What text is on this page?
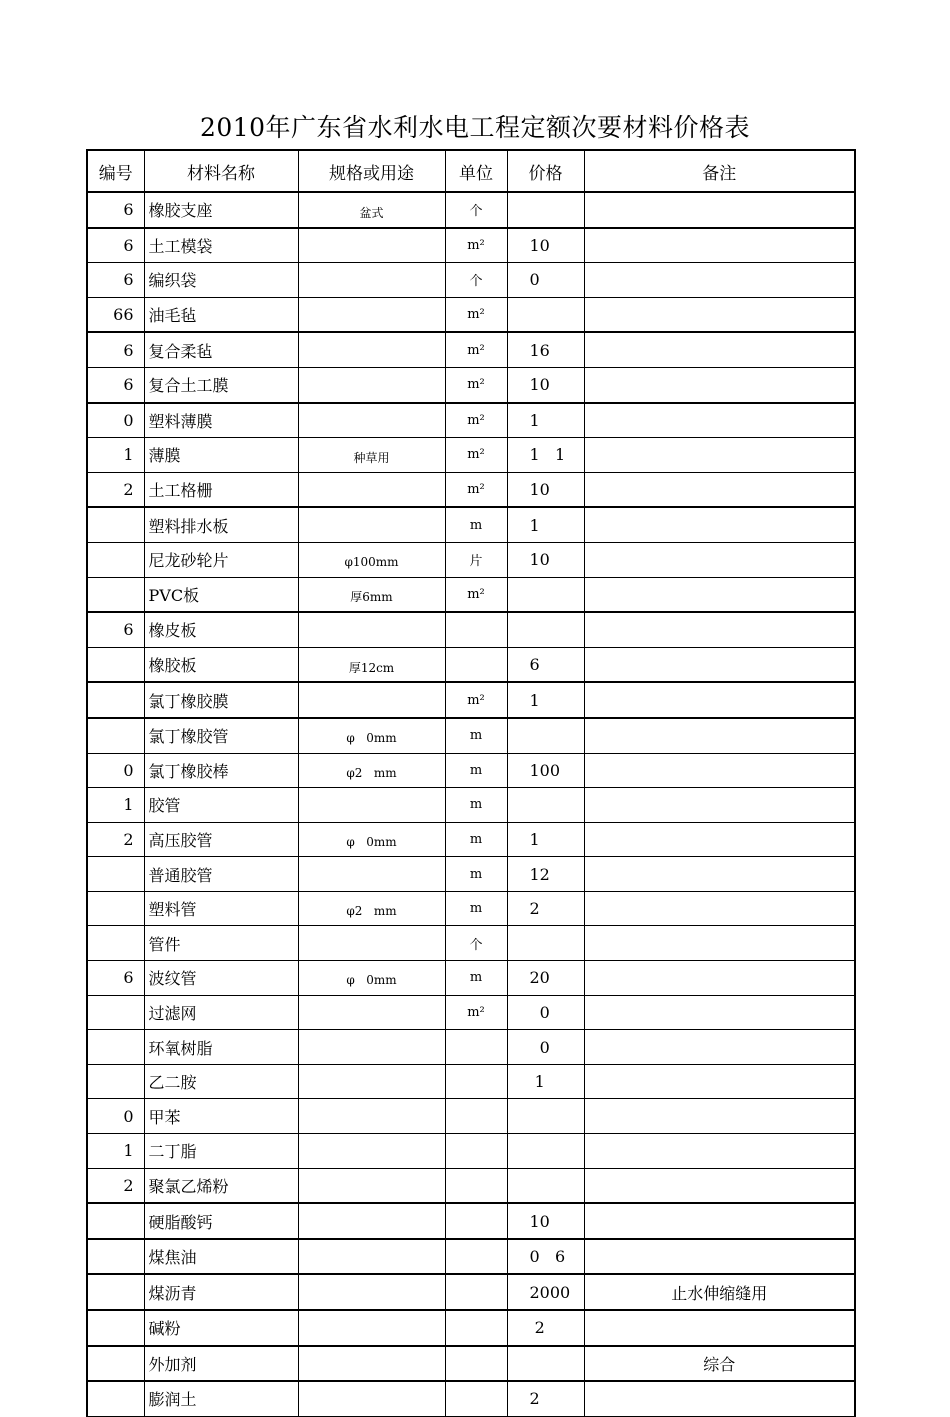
2010年广东省水利水电工程定额次要材料价格表
编号	材料名称	规格或用途	单位	价格	备注
6	橡胶支座	盆式	个		
6	土工模袋		m²	10	
6	编织袋		个	0	
66	油毛毡		m²		
6	复合柔毡		m²	16	
6	复合土工膜		m²	10	
0	塑料薄膜		m²	1	
1	薄膜	种草用	m²	1   1	
2	土工格栅		m²	10	
	塑料排水板		m	1	
	尼龙砂轮片	φ100mm	片	10	
	PVC板	厚6mm	m²		
6	橡皮板				
	橡胶板	厚12cm		6	
	氯丁橡胶膜		m²	1	
	氯丁橡胶管	φ   0mm	m		
0	氯丁橡胶棒	φ2   mm	m	100	
1	胶管		m		
2	高压胶管	φ   0mm	m	1	
	普通胶管		m	12	
	塑料管	φ2   mm	m	2	
	管件		个		
6	波纹管	φ   0mm	m	20	
	过滤网		m²	0	
	环氧树脂			0	
	乙二胺			1	
0	甲苯				
1	二丁脂				
2	聚氯乙烯粉				
	硬脂酸钙			10	
	煤焦油			0   6	
	煤沥青			2000	止水伸缩缝用
	碱粉			2	
	外加剂				综合
	膨润土			2	
